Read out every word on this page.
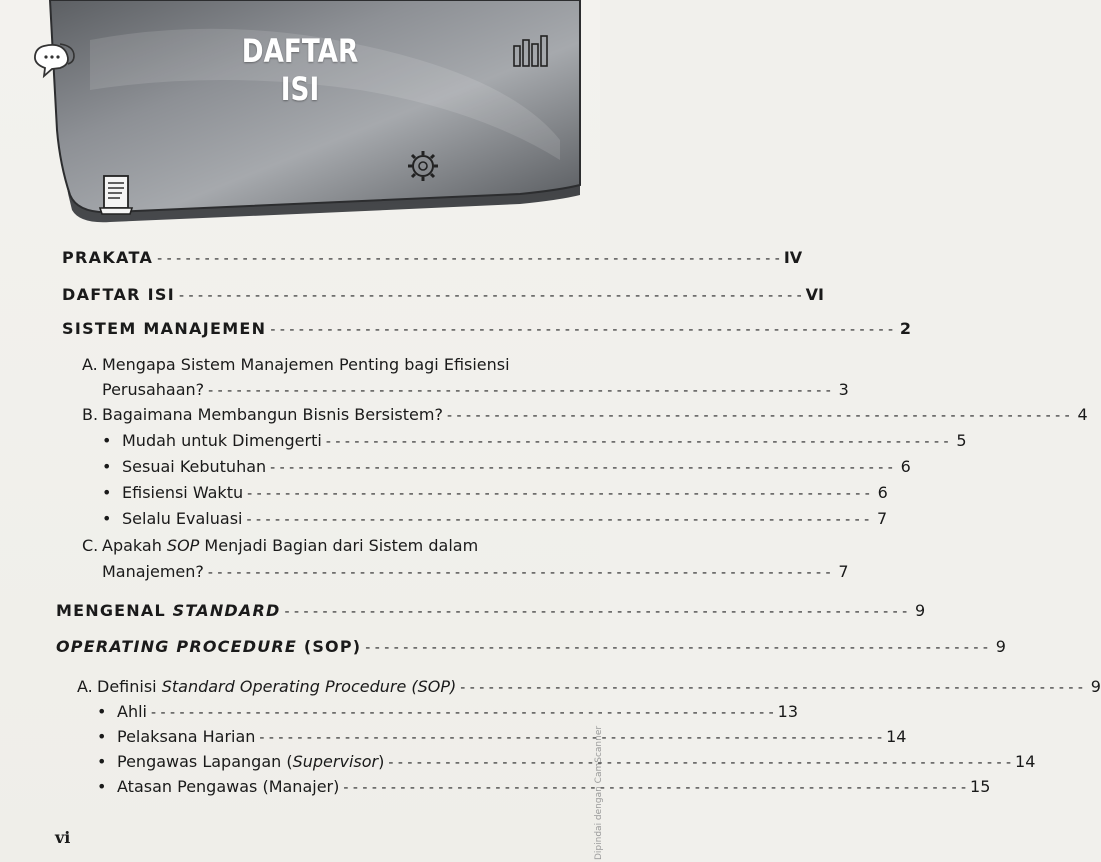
DAFTAR
ISI
PRAKATA - - -	IV
DAFTAR ISI - - -	VI
SISTEM MANAJEMEN - - -	2
A. Mengapa Sistem Manajemen Penting bagi Efisiensi
Perusahaan? - - -	3
B. Bagaimana Membangun Bisnis Bersistem? - - -	4
• Mudah untuk Dimengerti - - -	5
• Sesuai Kebutuhan - - -	6
• Efisiensi Waktu - - -	6
• Selalu Evaluasi - - -	7
C. Apakah SOP Menjadi Bagian dari Sistem dalam
Manajemen? - - -	7
MENGENAL STANDARD - - -	9
OPERATING PROCEDURE (SOP) - - -	9
A. Definisi Standard Operating Procedure (SOP) - - -	9
• Ahli - - -	13
• Pelaksana Harian - - -	14
• Pengawas Lapangan (Supervisor) - - -	14
• Atasan Pengawas (Manajer) - - -	15
vi	Dipindai dengan CamScanner
